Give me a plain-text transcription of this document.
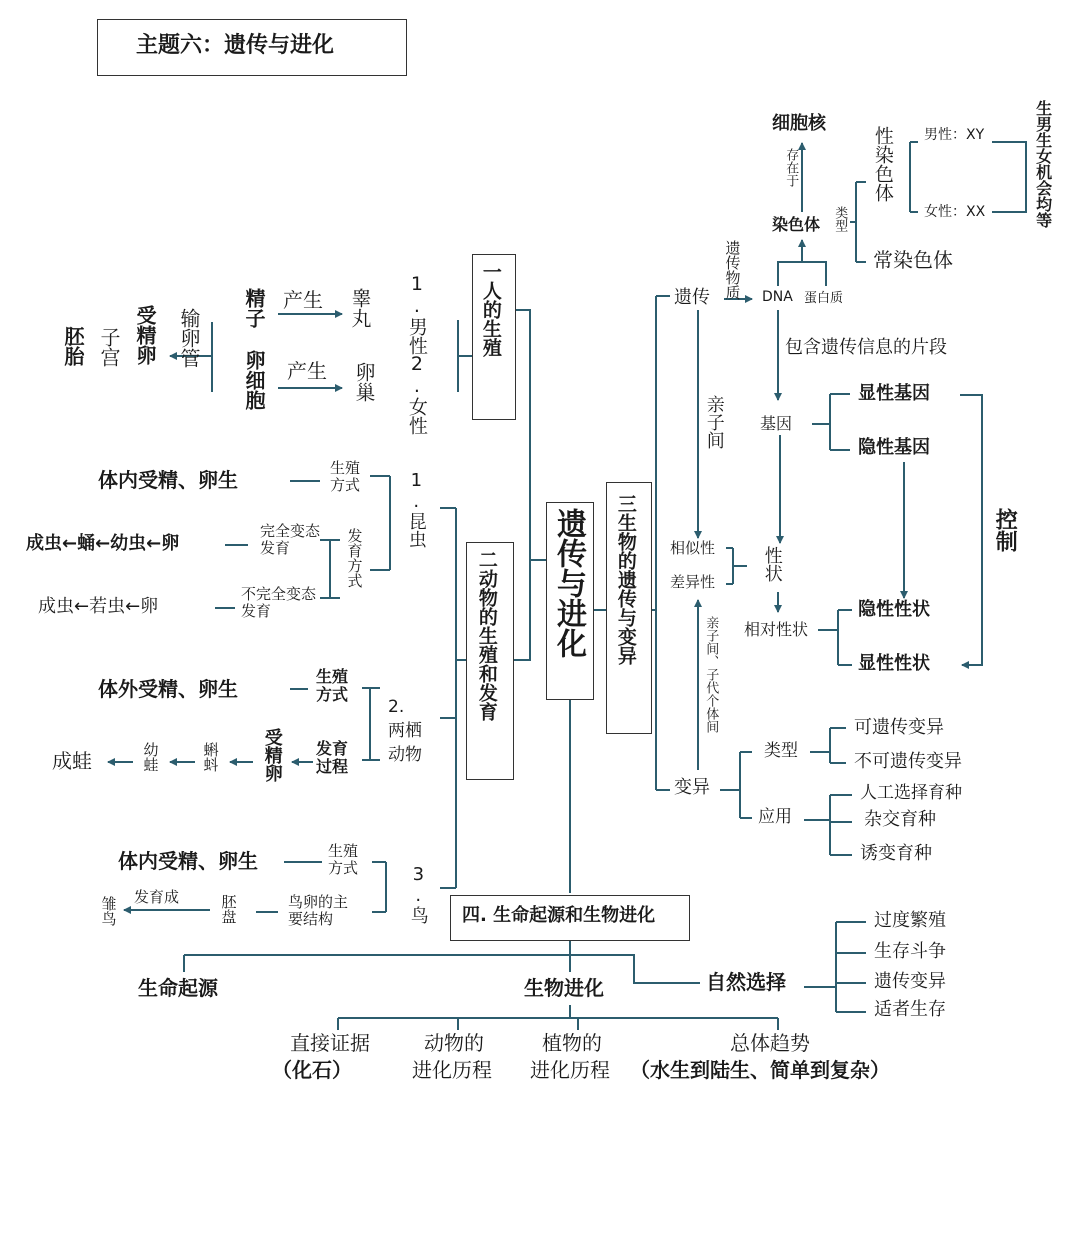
主题六：遗传与进化
遗传与进化
一人的生殖
1.男性
2.女性
睾丸
卵巢
产生
产生
精子
卵细胞
输卵管
受精卵
子宫
胚胎
二动物的生殖和发育
1.昆虫
生殖方式
体内受精、卵生
发育方式
完全变态发育
成虫←蛹←幼虫←卵
不完全变态发育
成虫←若虫←卵
2.
两栖
动物
生殖方式
体外受精、卵生
发育过程
受精卵
蝌蚪
幼蛙
成蛙
3.鸟
生殖方式
体内受精、卵生
鸟卵的主要结构
胚盘
发育成
雏鸟
三生物的遗传与变异
遗传 遗传物质
亲子间
DNA 蛋白质
染色体
存在于
细胞核
类型
性染色体
常染色体
男性：XY
女性：XX	生男生女机会均等
包含遗传信息的片段
基因
显性基因
隐性基因
控制
相似性
差异性	性状
相对性状
隐性性状
显性性状
亲子间、子代个体间
变异
类型
可遗传变异
不可遗传变异
应用
人工选择育种
杂交育种
诱变育种
四. 生命起源和生物进化
生命起源	生物进化	自然选择
过度繁殖
生存斗争
遗传变异
适者生存
直接证据
（化石）
动物的
进化历程
植物的
进化历程
总体趋势
（水生到陆生、简单到复杂）
